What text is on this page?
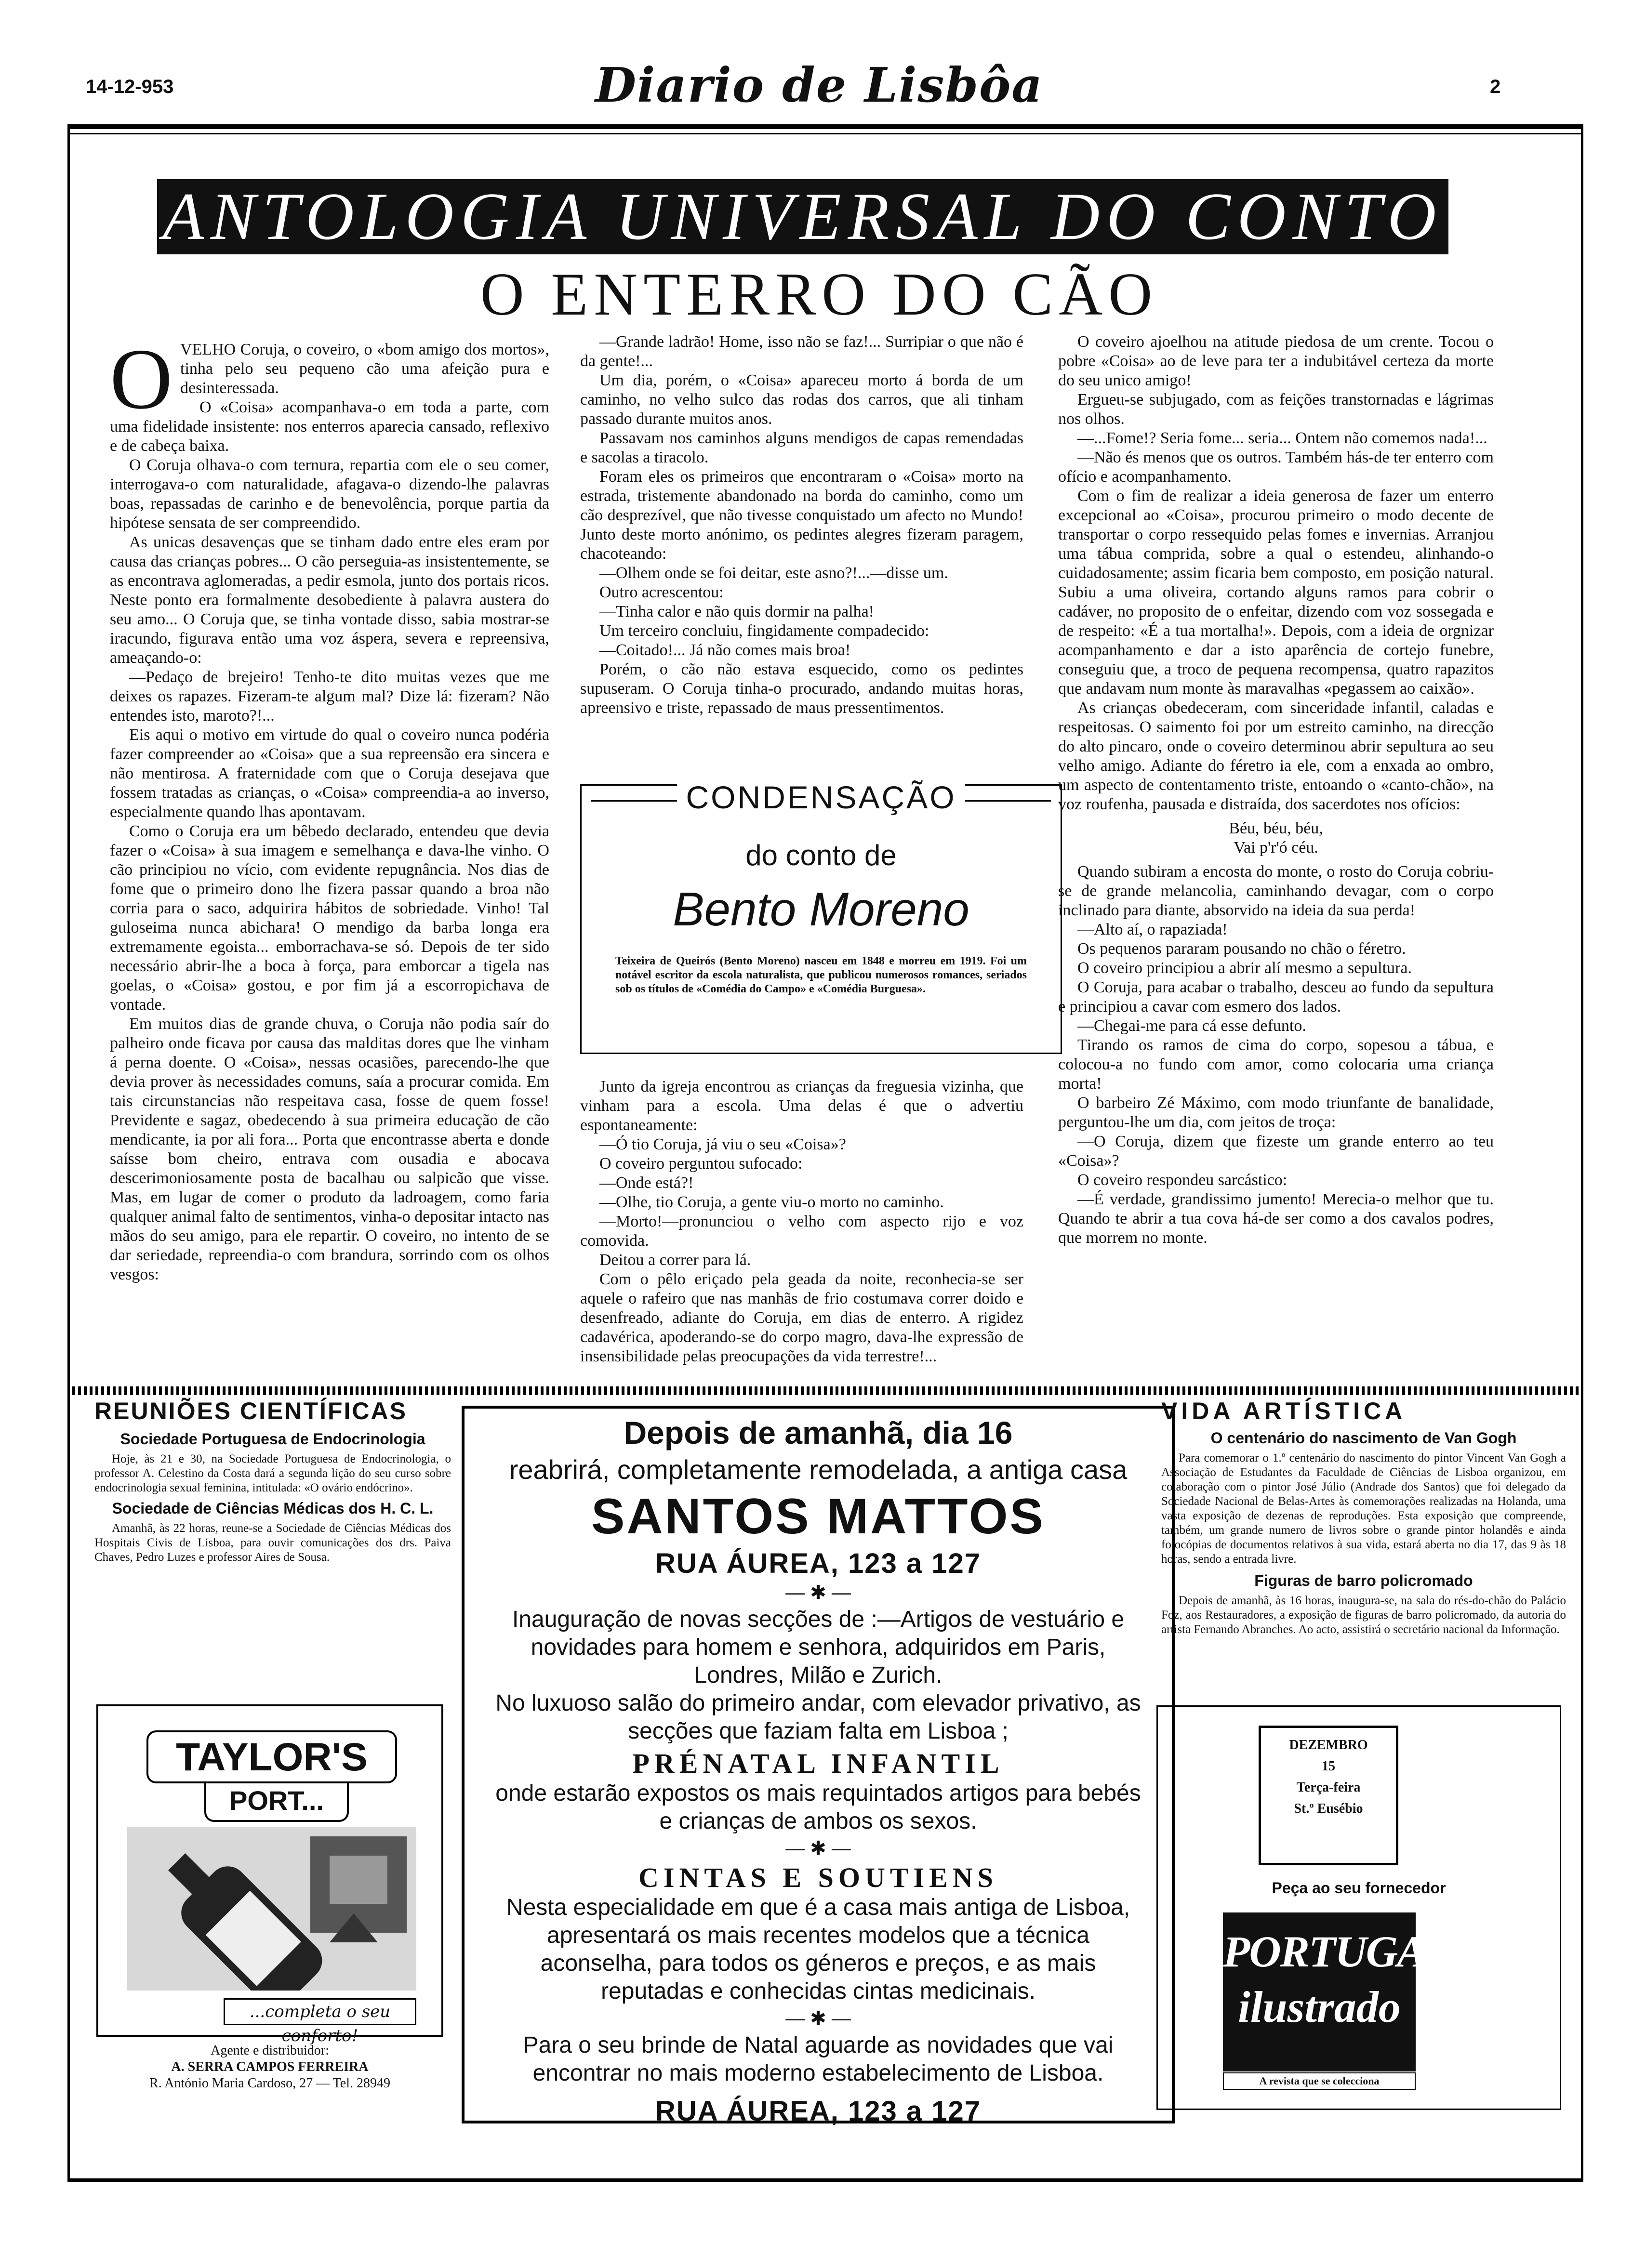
14-12-953	Diario de Lisbôa	2
ANTOLOGIA UNIVERSAL DO CONTO
O ENTERRO DO CÃO
O VELHO Coruja, o coveiro, o «bom amigo dos mortos», tinha pelo seu pequeno cão uma afeição pura e desinteressada.

O «Coisa» acompanhava-o em toda a parte, com uma fidelidade insistente: nos enterros aparecia cansado, reflexivo e de cabeça baixa.

O Coruja olhava-o com ternura, repartia com ele o seu comer, interrogava-o com naturalidade, afagava-o dizendo-lhe palavras boas, repassadas de carinho e de benevolência, porque partia da hipótese sensata de ser compreendido.

As unicas desavenças que se tinham dado entre eles eram por causa das crianças pobres... O cão perseguia-as insistentemente, se as encontrava aglomeradas, a pedir esmola, junto dos portais ricos. Neste ponto era formalmente desobediente à palavra austera do seu amo... O Coruja que, se tinha vontade disso, sabia mostrar-se iracundo, figurava então uma voz áspera, severa e repreensiva, ameaçando-o:

—Pedaço de brejeiro! Tenho-te dito muitas vezes que me deixes os rapazes. Fizeram-te algum mal? Dize lá: fizeram? Não entendes isto, maroto?!...

Eis aqui o motivo em virtude do qual o coveiro nunca podéria fazer compreender ao «Coisa» que a sua repreensão era sincera e não mentirosa. A fraternidade com que o Coruja desejava que fossem tratadas as crianças, o «Coisa» compreendia-a ao inverso, especialmente quando lhas apontavam.

Como o Coruja era um bêbedo declarado, entendeu que devia fazer o «Coisa» à sua imagem e semelhança e dava-lhe vinho. O cão principiou no vício, com evidente repugnância. Nos dias de fome que o primeiro dono lhe fizera passar quando a broa não corria para o saco, adquirira hábitos de sobriedade. Vinho! Tal guloseima nunca abichara! O mendigo da barba longa era extremamente egoista... emborrachava-se só. Depois de ter sido necessário abrir-lhe a boca à força, para emborcar a tigela nas goelas, o «Coisa» gostou, e por fim já a escorropichava de vontade.

Em muitos dias de grande chuva, o Coruja não podia saír do palheiro onde ficava por causa das malditas dores que lhe vinham á perna doente. O «Coisa», nessas ocasiões, parecendo-lhe que devia prover às necessidades comuns, saía a procurar comida. Em tais circunstancias não respeitava casa, fosse de quem fosse! Previdente e sagaz, obedecendo à sua primeira educação de cão mendicante, ia por ali fora... Porta que encontrasse aberta e donde saísse bom cheiro, entrava com ousadia e abocava descerimoniosamente posta de bacalhau ou salpicão que visse. Mas, em lugar de comer o produto da ladroagem, como faria qualquer animal falto de sentimentos, vinha-o depositar intacto nas mãos do seu amigo, para ele repartir. O coveiro, no intento de se dar seriedade, repreendia-o com brandura, sorrindo com os olhos vesgos:

—Grande ladrão! Home, isso não se faz!... Surripiar o que não é da gente!...

Um dia, porém, o «Coisa» apareceu morto á borda de um caminho, no velho sulco das rodas dos carros, que ali tinham passado durante muitos anos.

Passavam nos caminhos alguns mendigos de capas remendadas e sacolas a tiracolo.

Foram eles os primeiros que encontraram o «Coisa» morto na estrada, tristemente abandonado na borda do caminho, como um cão desprezível, que não tivesse conquistado um afecto no Mundo! Junto deste morto anónimo, os pedintes alegres fizeram paragem, chacoteando:

—Olhem onde se foi deitar, este asno?!...—disse um.

Outro acrescentou:

—Tinha calor e não quis dormir na palha!

Um terceiro concluiu, fingidamente compadecido:

—Coitado!... Já não comes mais broa!

Porém, o cão não estava esquecido, como os pedintes supuseram. O Coruja tinha-o procurado, andando muitas horas, apreensivo e triste, repassado de maus pressentimentos.

CONDENSAÇÃO
do conto de
Bento Moreno
Teixeira de Queirós (Bento Moreno) nasceu em 1848 e morreu em 1919. Foi um notável escritor da escola naturalista, que publicou numerosos romances, seriados sob os títulos de «Comédia do Campo» e «Comédia Burguesa».

Junto da igreja encontrou as crianças da freguesia vizinha, que vinham para a escola. Uma delas é que o advertiu espontaneamente:

—Ó tio Coruja, já viu o seu «Coisa»?

O coveiro perguntou sufocado:

—Onde está?!

—Olhe, tio Coruja, a gente viu-o morto no caminho.

—Morto!—pronunciou o velho com aspecto rijo e voz comovida.

Deitou a correr para lá.

Com o pêlo eriçado pela geada da noite, reconhecia-se ser aquele o rafeiro que nas manhãs de frio costumava correr doido e desenfreado, adiante do Coruja, em dias de enterro. A rigidez cadavérica, apoderando-se do corpo magro, dava-lhe expressão de insensibilidade pelas preocupações da vida terrestre!...

O coveiro ajoelhou na atitude piedosa de um crente. Tocou o pobre «Coisa» ao de leve para ter a indubitável certeza da morte do seu unico amigo!

Ergueu-se subjugado, com as feições transtornadas e lágrimas nos olhos.

—...Fome!? Seria fome... seria... Ontem não comemos nada!...

—Não és menos que os outros. Também hás-de ter enterro com ofício e acompanhamento.

Com o fim de realizar a ideia generosa de fazer um enterro excepcional ao «Coisa», procurou primeiro o modo decente de transportar o corpo ressequido pelas fomes e invernias. Arranjou uma tábua comprida, sobre a qual o estendeu, alinhando-o cuidadosamente; assim ficaria bem composto, em posição natural. Subiu a uma oliveira, cortando alguns ramos para cobrir o cadáver, no proposito de o enfeitar, dizendo com voz sossegada e de respeito: «É a tua mortalha!». Depois, com a ideia de orgnizar acompanhamento e dar a isto aparência de cortejo funebre, conseguiu que, a troco de pequena recompensa, quatro rapazitos que andavam num monte às maravalhas «pegassem ao caixão».

As crianças obedeceram, com sinceridade infantil, caladas e respeitosas. O saimento foi por um estreito caminho, na direcção do alto pincaro, onde o coveiro determinou abrir sepultura ao seu velho amigo. Adiante do féretro ia ele, com a enxada ao ombro, um aspecto de contentamento triste, entoando o «canto-chão», na voz roufenha, pausada e distraída, dos sacerdotes nos ofícios:

Béu, béu, béu,

Vai p'r'ó céu.

Quando subiram a encosta do monte, o rosto do Coruja cobriu-se de grande melancolia, caminhando devagar, com o corpo inclinado para diante, absorvido na ideia da sua perda!

—Alto aí, o rapaziada!

Os pequenos pararam pousando no chão o féretro.

O coveiro principiou a abrir alí mesmo a sepultura.

O Coruja, para acabar o trabalho, desceu ao fundo da sepultura e principiou a cavar com esmero dos lados.

—Chegai-me para cá esse defunto.

Tirando os ramos de cima do corpo, sopesou a tábua, e colocou-a no fundo com amor, como colocaria uma criança morta!

O barbeiro Zé Máximo, com modo triunfante de banalidade, perguntou-lhe um dia, com jeitos de troça:

—O Coruja, dizem que fizeste um grande enterro ao teu «Coisa»?

O coveiro respondeu sarcástico:

—É verdade, grandissimo jumento! Merecia-o melhor que tu. Quando te abrir a tua cova há-de ser como a dos cavalos podres, que morrem no monte.

REUNIÕES CIENTÍFICAS
Sociedade Portuguesa de Endocrinologia

Hoje, às 21 e 30, na Sociedade Portuguesa de Endocrinologia, o professor A. Celestino da Costa dará a segunda lição do seu curso sobre endocrinologia sexual feminina, intitulada: «O ovário endócrino».

Sociedade de Ciências Médicas dos H. C. L.

Amanhã, às 22 horas, reune-se a Sociedade de Ciências Médicas dos Hospitais Civis de Lisboa, para ouvir comunicações dos drs. Paiva Chaves, Pedro Luzes e professor Aires de Sousa.

TAYLOR'S
PORT...
...completa o seu conforto!
Agente e distribuidor:
A. SERRA CAMPOS FERREIRA
R. António Maria Cardoso, 27 — Tel. 28949
Depois de amanhã, dia 16
reabrirá, completamente remodelada, a antiga casa
SANTOS MATTOS
RUA ÁUREA, 123 a 127
— ✱ —
Inauguração de novas secções de :—Artigos de vestuário e novidades para homem e senhora, adquiridos em Paris, Londres, Milão e Zurich.
No luxuoso salão do primeiro andar, com elevador privativo, as secções que faziam falta em Lisboa ;
PRÉNATAL INFANTIL
onde estarão expostos os mais requintados artigos para bebés e crianças de ambos os sexos.
— ✱ —
CINTAS E SOUTIENS
Nesta especialidade em que é a casa mais antiga de Lisboa, apresentará os mais recentes modelos que a técnica aconselha, para todos os géneros e preços, e as mais reputadas e conhecidas cintas medicinais.
— ✱ —
Para o seu brinde de Natal aguarde as novidades que vai encontrar no mais moderno estabelecimento de Lisboa.
RUA ÁUREA, 123 a 127
VIDA ARTÍSTICA
O centenário do nascimento de Van Gogh

Para comemorar o 1.º centenário do nascimento do pintor Vincent Van Gogh a Associação de Estudantes da Faculdade de Ciências de Lisboa organizou, em colaboração com o pintor José Júlio (Andrade dos Santos) que foi delegado da Sociedade Nacional de Belas-Artes às comemorações realizadas na Holanda, uma vasta exposição de dezenas de reproduções. Esta exposição que compreende, também, um grande numero de livros sobre o grande pintor holandês e ainda fotocópias de documentos relativos à sua vida, estará aberta no dia 17, das 9 às 18 horas, sendo a entrada livre.

Figuras de barro policromado

Depois de amanhã, às 16 horas, inaugura-se, na sala do rés-do-chão do Palácio Foz, aos Restauradores, a exposição de figuras de barro policromado, da autoria do artista Fernando Abranches. Ao acto, assistirá o secretário nacional da Informação.

DEZEMBRO
15
Terça-feira
St.º Eusébio
Peça ao seu fornecedor
PORTUGAL
ilustrado
A revista que se colecciona
